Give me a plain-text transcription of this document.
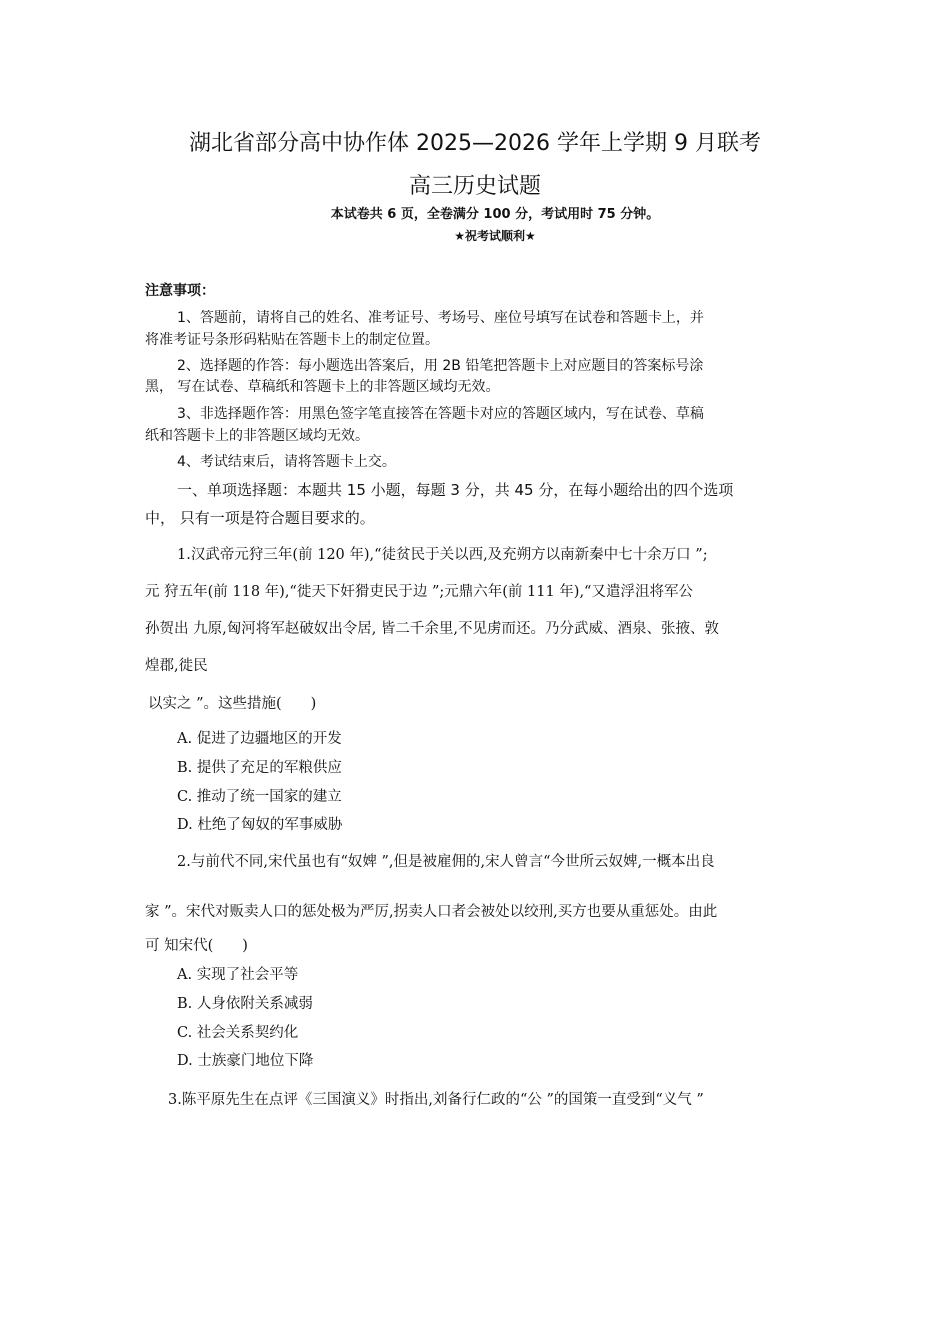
湖北省部分高中协作体 2025—2026 学年上学期 9 月联考
高三历史试题
本试卷共 6 页，全卷满分 100 分，考试用时 75 分钟。
★祝考试顺利★
注意事项：
1、答题前，请将自己的姓名、准考证号、考场号、座位号填写在试卷和答题卡上，并
将准考证号条形码粘贴在答题卡上的制定位置。
2、选择题的作答：每小题选出答案后，用 2B 铅笔把答题卡上对应题目的答案标号涂
黑， 写在试卷、草稿纸和答题卡上的非答题区域均无效。
3、非选择题作答：用黑色签字笔直接答在答题卡对应的答题区域内，写在试卷、草稿
纸和答题卡上的非答题区域均无效。
4、考试结束后，请将答题卡上交。
一、单项选择题：本题共 15 小题，每题 3 分，共 45 分，在每小题给出的四个选项
中， 只有一项是符合题目要求的。
1.汉武帝元狩三年(前 120 年),“徒贫民于关以西,及充朔方以南新秦中七十余万口 ”;
元 狩五年(前 118 年),“徙天下奸猾吏民于边 ”;元鼎六年(前 111 年),“又遣浮沮将军公
孙贺出 九原,匈河将军赵破奴出令居, 皆二千余里,不见虏而还。乃分武威、酒泉、张掖、敦
煌郡,徙民
以实之 ”。这些措施(　　)
A. 促进了边疆地区的开发
B. 提供了充足的军粮供应
C. 推动了统一国家的建立
D. 杜绝了匈奴的军事威胁
2.与前代不同,宋代虽也有“奴婢 ”,但是被雇佣的,宋人曾言“今世所云奴婢,一概本出良
家 ”。宋代对贩卖人口的惩处极为严厉,拐卖人口者会被处以绞刑,买方也要从重惩处。由此
可 知宋代(　　)
A. 实现了社会平等
B. 人身依附关系减弱
C. 社会关系契约化
D. 士族豪门地位下降
3.陈平原先生在点评《三国演义》时指出,刘备行仁政的“公 ”的国策一直受到“义气 ”
